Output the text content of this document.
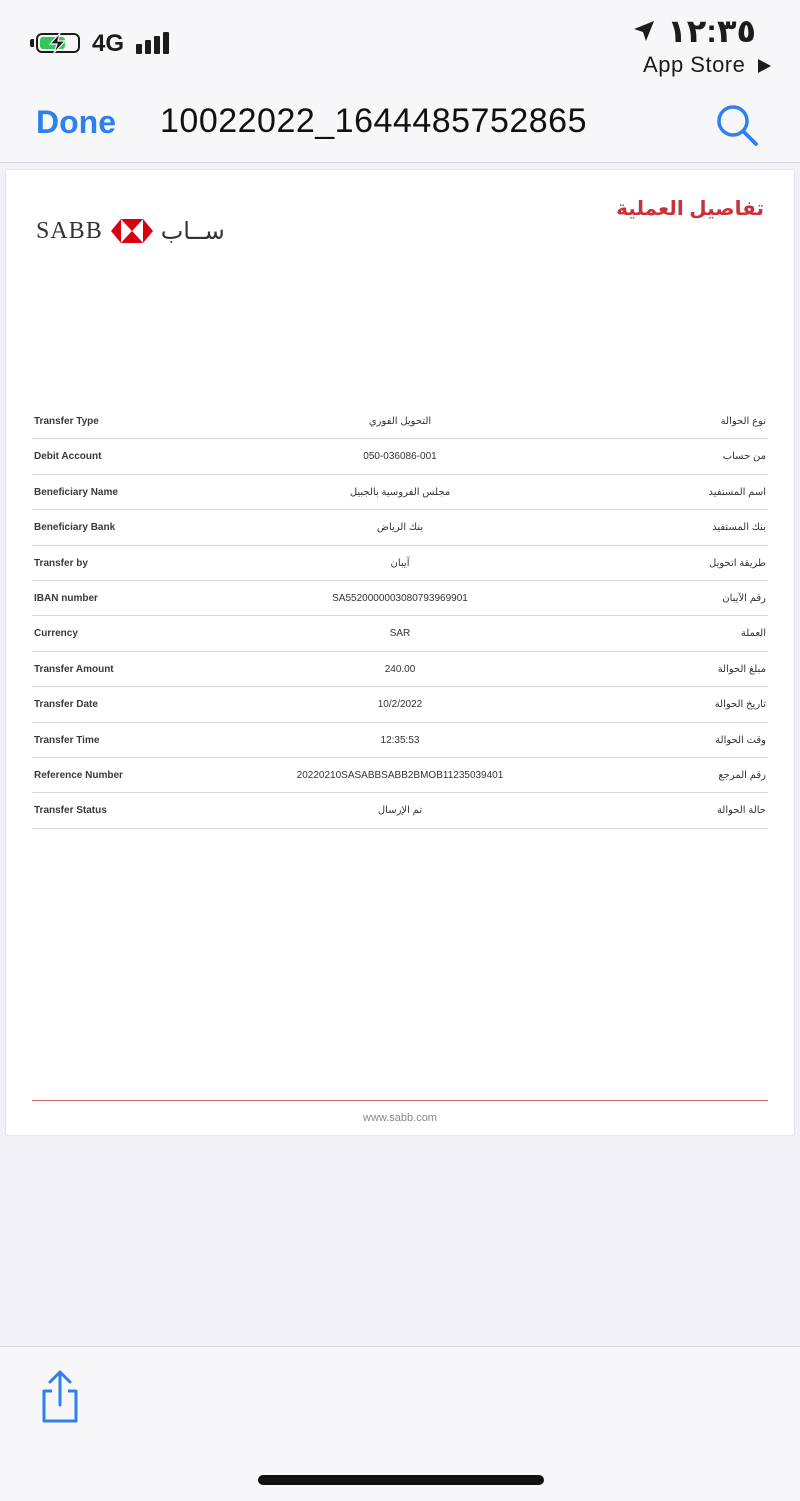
4G	١٢:٣٥
App Store
Done 10022022_1644485752865
تفاصيل العملية
SABB ســاب
Transfer Type	التحويل الفوري	نوع الحوالة
Debit Account	050-036086-001	من حساب
Beneficiary Name	مجلس الفروسية بالجبيل	اسم المستفيد
Beneficiary Bank	بنك الرياض	بنك المستفيد
Transfer by	آيبان	طريقة اتحويل
IBAN number	SA5520000003080793969901	رقم الآيبان
Currency	SAR	العملة
Transfer Amount	240.00	مبلغ الحوالة
Transfer Date	10/2/2022	تاريخ الحوالة
Transfer Time	12:35:53	وقت الحوالة
Reference Number	20220210SASABBSABB2BMOB11235039401	رقم المرجع
Transfer Status	تم الإرسال	حالة الحوالة
www.sabb.com
